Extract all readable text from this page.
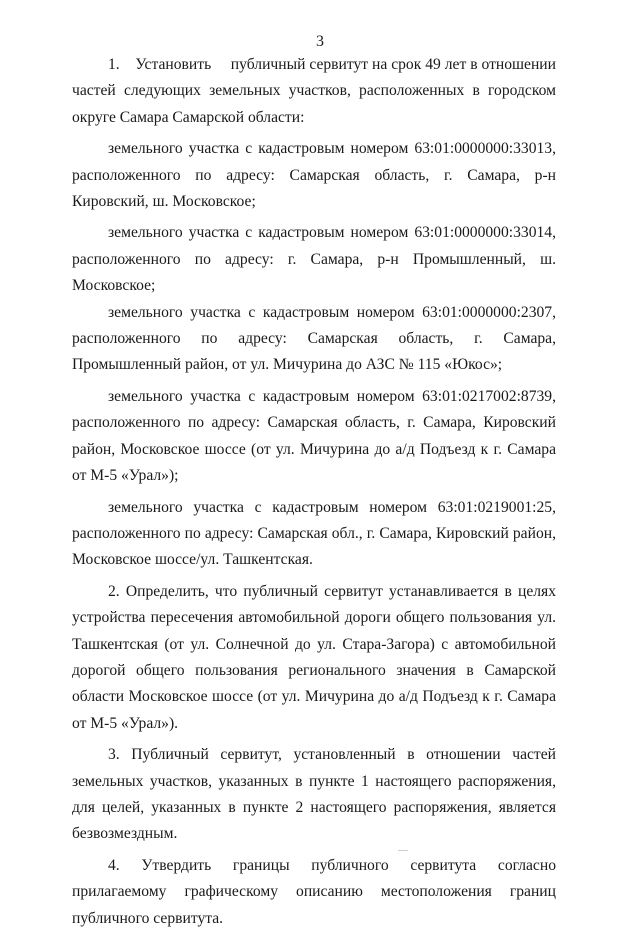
3

1.    Установить     публичный сервитут на срок 49 лет в отношении частей следующих земельных участков, расположенных в городском округе Самара Самарской области:

земельного участка с кадастровым номером 63:01:0000000:33013, расположенного по адресу: Самарская область, г. Самара, р-н Кировский, ш. Московское;

земельного участка с кадастровым номером 63:01:0000000:33014, расположенного по адресу: г. Самара, р-н Промышленный, ш. Московское;

земельного участка с кадастровым номером 63:01:0000000:2307, расположенного по адресу: Самарская область, г. Самара, Промышленный район, от ул. Мичурина до АЗС № 115 «Юкос»;

земельного участка с кадастровым номером 63:01:0217002:8739, расположенного по адресу: Самарская область, г. Самара, Кировский район, Московское шоссе (от ул. Мичурина до а/д Подъезд к г. Самара от М-5 «Урал»);

земельного участка с кадастровым номером 63:01:0219001:25, расположенного по адресу: Самарская обл., г. Самара, Кировский район, Московское шоссе/ул. Ташкентская.

2. Определить, что публичный сервитут устанавливается в целях устройства пересечения автомобильной дороги общего пользования ул. Ташкентская (от ул. Солнечной до ул. Стара-Загора) с автомобильной дорогой общего пользования регионального значения в Самарской области Московское шоссе (от ул. Мичурина до а/д Подъезд к г. Самара от М-5 «Урал»).

3. Публичный сервитут, установленный в отношении частей земельных участков, указанных в пункте 1 настоящего распоряжения, для целей, указанных в пункте 2 настоящего распоряжения, является безвозмездным.

4. Утвердить границы публичного сервитута согласно прилагаемому графическому описанию местоположения границ публичного сервитута.
